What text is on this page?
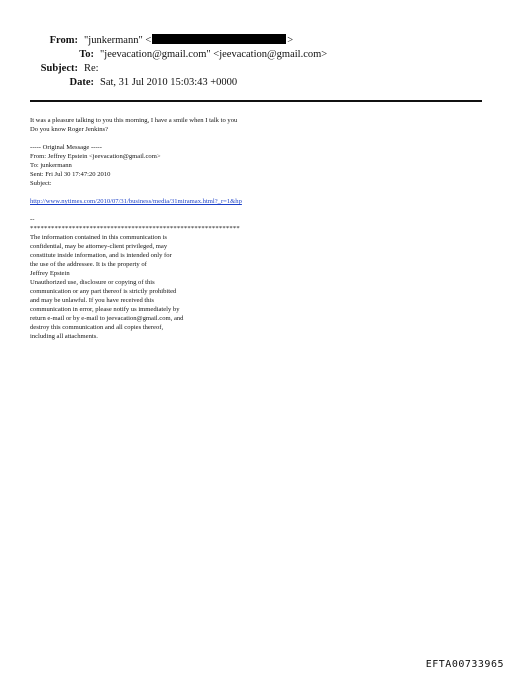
From: "junkermann" <	>
To: "jeevacation@gmail.com" <jeevacation@gmail.com>
Subject: Re:
Date: Sat, 31 Jul 2010 15:03:43 +0000
It was a pleasure talking to you this morning, I have a smile when I talk to you
Do you know Roger Jenkins?
----- Original Message -----
From: Jeffrey Epstein <jeevacation@gmail.com>
To: junkermann
Sent: Fri Jul 30 17:47:20 2010
Subject:
http://www.nytimes.com/2010/07/31/business/media/31miramax.html?_r=1&hp
--
************************************************************
The information contained in this communication is
confidential, may be attorney-client privileged, may
constitute inside information, and is intended only for
the use of the addressee. It is the property of
Jeffrey Epstein
Unauthorized use, disclosure or copying of this
communication or any part thereof is strictly prohibited
and may be unlawful. If you have received this
communication in error, please notify us immediately by
return e-mail or by e-mail to jeevacation@gmail.com, and
destroy this communication and all copies thereof,
including all attachments.
EFTA00733965
